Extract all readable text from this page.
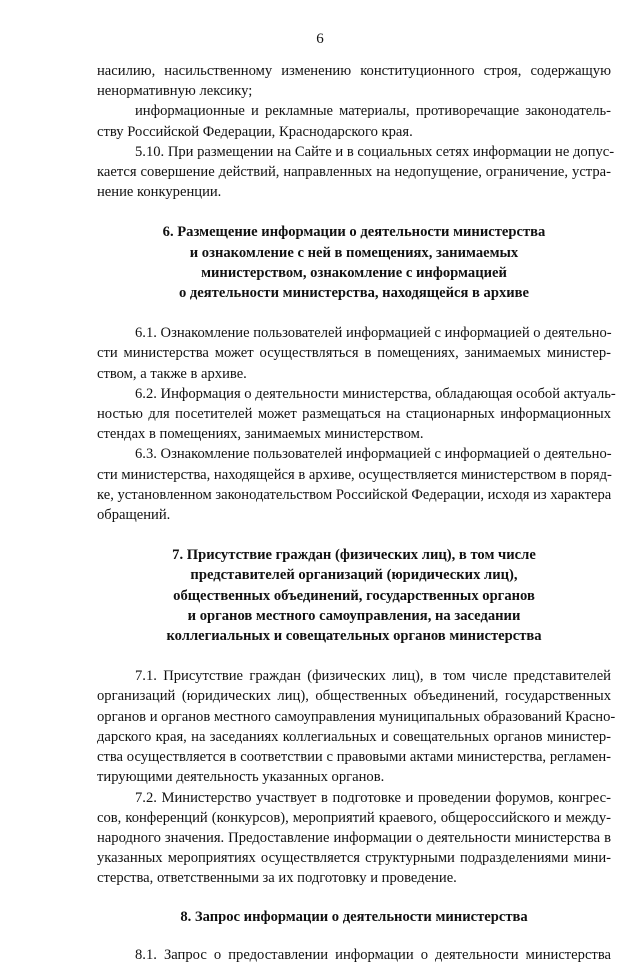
6
насилию, насильственному изменению конституционного строя, содержащую
ненормативную лексику;
информационные и рекламные материалы, противоречащие законодатель-
ству Российской Федерации, Краснодарского края.
5.10. При размещении на Сайте и в социальных сетях информации не допус-
кается совершение действий, направленных на недопущение, ограничение, устра-
нение конкуренции.
6. Размещение информации о деятельности министерства
и ознакомление с ней в помещениях, занимаемых
министерством, ознакомление с информацией
о деятельности министерства, находящейся в архиве
6.1. Ознакомление пользователей информацией с информацией о деятельно-
сти министерства может осуществляться в помещениях, занимаемых министер-
ством, а также в архиве.
6.2. Информация о деятельности министерства, обладающая особой актуаль-
ностью для посетителей может размещаться на стационарных информационных
стендах в помещениях, занимаемых министерством.
6.3. Ознакомление пользователей информацией с информацией о деятельно-
сти министерства, находящейся в архиве, осуществляется министерством в поряд-
ке, установленном законодательством Российской Федерации, исходя из характера
обращений.
7. Присутствие граждан (физических лиц), в том числе
представителей организаций (юридических лиц),
общественных объединений, государственных органов
и органов местного самоуправления, на заседании
коллегиальных и совещательных органов министерства
7.1. Присутствие граждан (физических лиц), в том числе представителей
организаций (юридических лиц), общественных объединений, государственных
органов и органов местного самоуправления муниципальных образований Красно-
дарского края, на заседаниях коллегиальных и совещательных органов министер-
ства осуществляется в соответствии с правовыми актами министерства, регламен-
тирующими деятельность указанных органов.
7.2. Министерство участвует в подготовке и проведении форумов, конгрес-
сов, конференций (конкурсов), мероприятий краевого, общероссийского и между-
народного значения. Предоставление информации о деятельности министерства в
указанных мероприятиях осуществляется структурными подразделениями мини-
стерства, ответственными за их подготовку и проведение.
8. Запрос информации о деятельности министерства
8.1. Запрос о предоставлении информации о деятельности министерства
